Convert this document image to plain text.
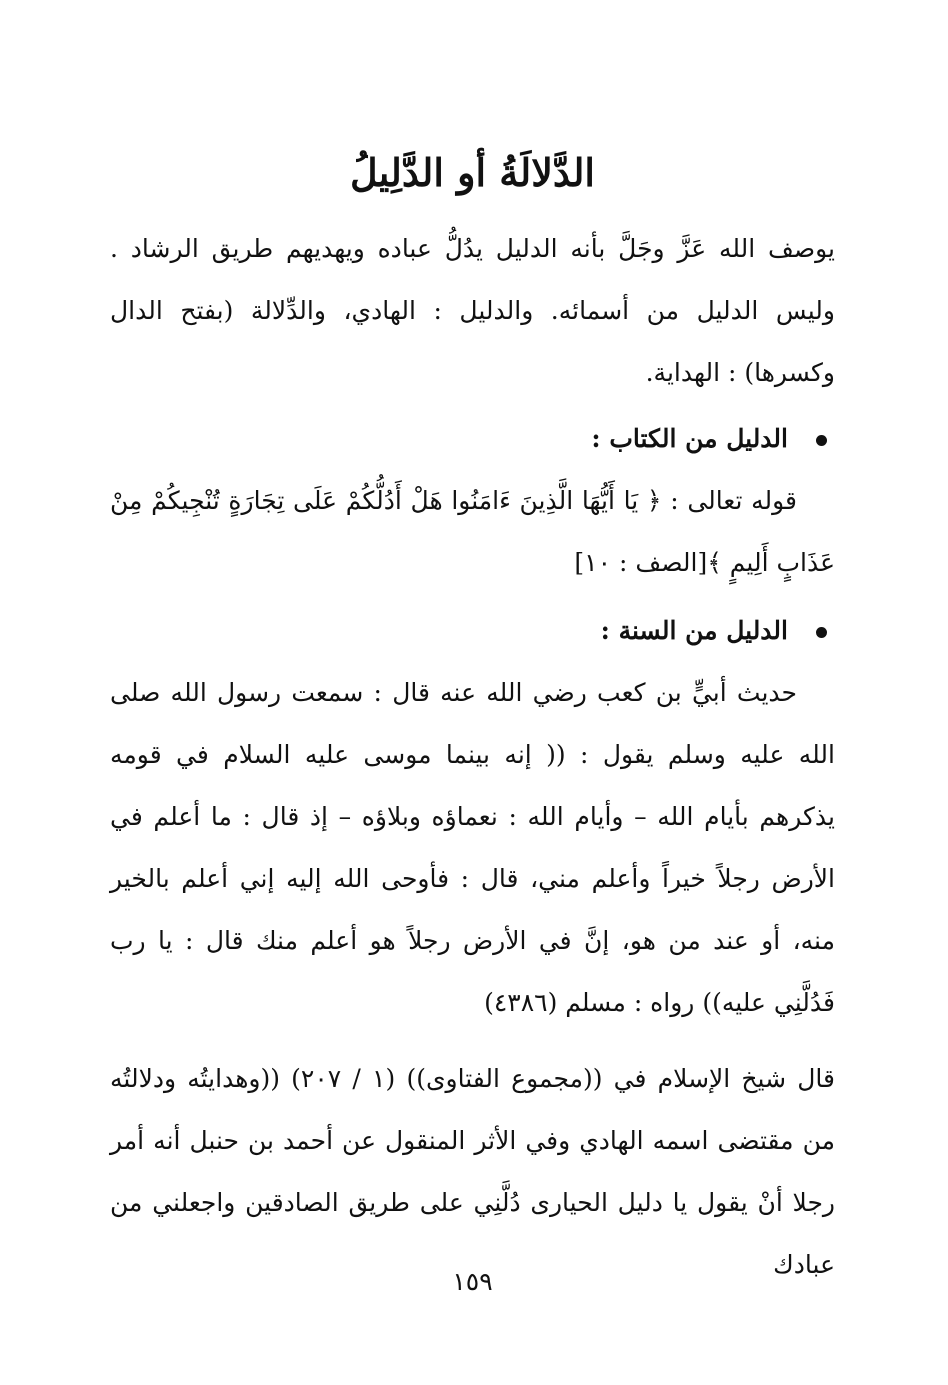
الدَّلالَةُ أو الدَّلِيلُ

يوصف الله عَزَّ وجَلَّ بأنه الدليل يدُلُّ عباده ويهديهم طريق الرشاد . وليس الدليل من أسمائه. والدليل : الهادي، والدِّلالة (بفتح الدال وكسرها) : الهداية.

الدليل من الكتاب :

قوله تعالى : ﴿ يَا أَيُّهَا الَّذِينَ ءَامَنُوا هَلْ أَدُلُّكُمْ عَلَى تِجَارَةٍ تُنْجِيكُمْ مِنْ عَذَابٍ أَلِيمٍ ﴾[الصف : ١٠]

الدليل من السنة :

حديث أبيٍّ بن كعب رضي الله عنه قال : سمعت رسول الله صلى الله عليه وسلم يقول : (( إنه بينما موسى عليه السلام في قومه يذكرهم بأيام الله – وأيام الله : نعماؤه وبلاؤه – إذ قال : ما أعلم في الأرض رجلاً خيراً وأعلم مني، قال : فأوحى الله إليه إني أعلم بالخير منه، أو عند من هو، إنَّ في الأرض رجلاً هو أعلم منك قال : يا رب فَدُلَّنِي عليه)) رواه : مسلم (٤٣٨٦)

قال شيخ الإسلام في ((مجموع الفتاوى)) (١ / ٢٠٧) ((وهدايتُه ودلالتُه من مقتضى اسمه الهادي وفي الأثر المنقول عن أحمد بن حنبل أنه أمر رجلا أنْ يقول يا دليل الحيارى دُلَّنِي على طريق الصادقين واجعلني من عبادك

١٥٩
